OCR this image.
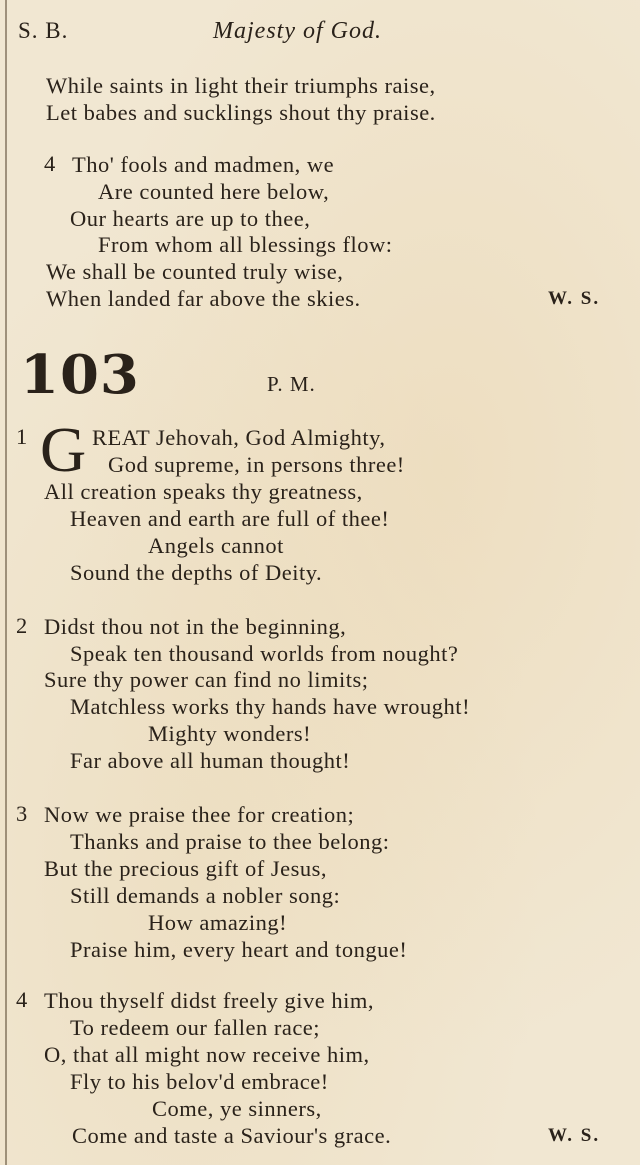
S. B.	Majesty of God.
While saints in light their triumphs raise,
Let babes and sucklings shout thy praise.
4 Tho' fools and madmen, we
Are counted here below,
Our hearts are up to thee,
From whom all blessings flow:
We shall be counted truly wise,
When landed far above the skies.	W. S.
103	P. M.
1 G REAT Jehovah, God Almighty,
God supreme, in persons three!
All creation speaks thy greatness,
Heaven and earth are full of thee!
Angels cannot
Sound the depths of Deity.
2 Didst thou not in the beginning,
Speak ten thousand worlds from nought?
Sure thy power can find no limits;
Matchless works thy hands have wrought!
Mighty wonders!
Far above all human thought!
3 Now we praise thee for creation;
Thanks and praise to thee belong:
But the precious gift of Jesus,
Still demands a nobler song:
How amazing!
Praise him, every heart and tongue!
4 Thou thyself didst freely give him,
To redeem our fallen race;
O, that all might now receive him,
Fly to his belov'd embrace!
Come, ye sinners,
Come and taste a Saviour's grace.	W. S.
